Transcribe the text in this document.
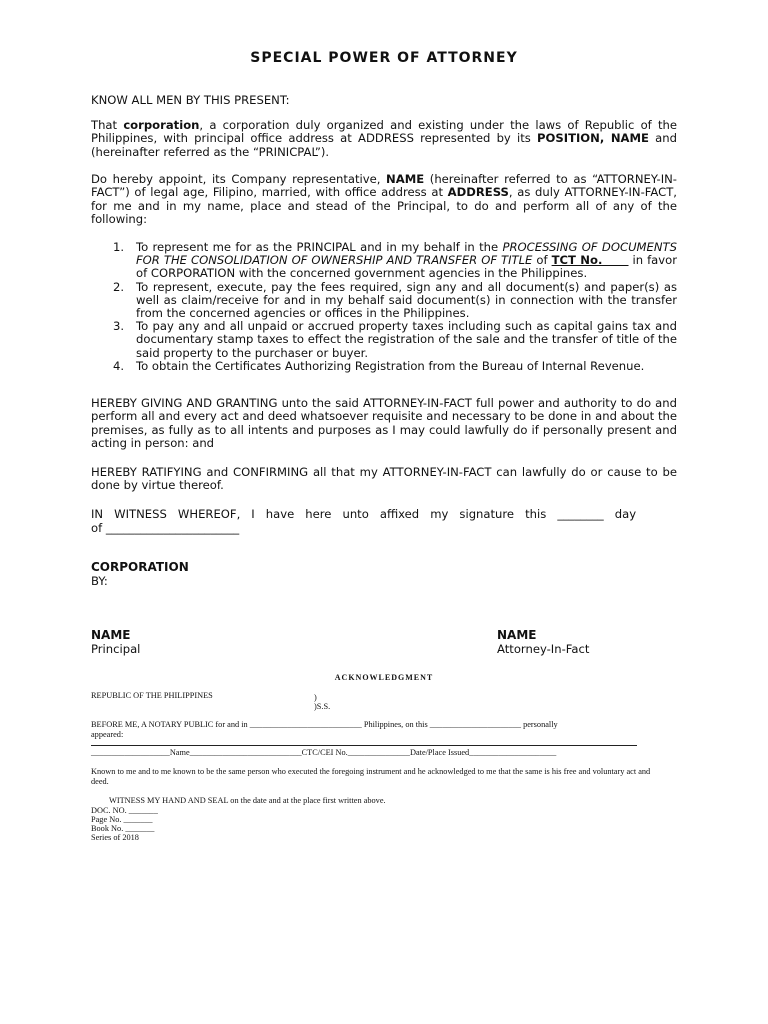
SPECIAL POWER OF ATTORNEY
KNOW ALL MEN BY THIS PRESENT:
That corporation, a corporation duly organized and existing under the laws of Republic of the Philippines, with principal office address at ADDRESS represented by its POSITION, NAME and (hereinafter referred as the “PRINICPAL”).
Do hereby appoint, its Company representative, NAME (hereinafter referred to as “ATTORNEY-IN-FACT”) of legal age, Filipino, married, with office address at ADDRESS, as duly ATTORNEY-IN-FACT, for me and in my name, place and stead of the Principal, to do and perform all of any of the following:
1. To represent me for as the PRINCIPAL and in my behalf in the PROCESSING OF DOCUMENTS FOR THE CONSOLIDATION OF OWNERSHIP AND TRANSFER OF TITLE of TCT No.       in favor of CORPORATION with the concerned government agencies in the Philippines.
2. To represent, execute, pay the fees required, sign any and all document(s) and paper(s) as well as claim/receive for and in my behalf said document(s) in connection with the transfer from the concerned agencies or offices in the Philippines.
3. To pay any and all unpaid or accrued property taxes including such as capital gains tax and documentary stamp taxes to effect the registration of the sale and the transfer of title of the said property to the purchaser or buyer.
4. To obtain the Certificates Authorizing Registration from the Bureau of Internal Revenue.
HEREBY GIVING AND GRANTING unto the said ATTORNEY-IN-FACT full power and authority to do and perform all and every act and deed whatsoever requisite and necessary to be done in and about the premises, as fully as to all intents and purposes as I may could lawfully do if personally present and acting in person: and
HEREBY RATIFYING and CONFIRMING all that my ATTORNEY-IN-FACT can lawfully do or cause to be done by virtue thereof.
IN   WITNESS   WHEREOF,   I   have   here   unto   affixed   my   signature   this   ________   day
of _______________________
CORPORATION
BY:
NAME
Principal
NAME
Attorney-In-Fact
ACKNOWLEDGMENT
REPUBLIC OF THE PHILIPPINES	)
)S.S.
BEFORE ME, A NOTARY PUBLIC for and in ___________________________ Philippines, on this ______________________ personally
appeared:
___________________Name___________________________CTC/CEI No._______________Date/Place Issued_____________________
Known to me and to me known to be the same person who executed the foregoing instrument and he acknowledged to me that the same is his free and voluntary act and deed.
WITNESS MY HAND AND SEAL on the date and at the place first written above.
DOC. NO. _______
Page No. _______
Book No. _______
Series of 2018
